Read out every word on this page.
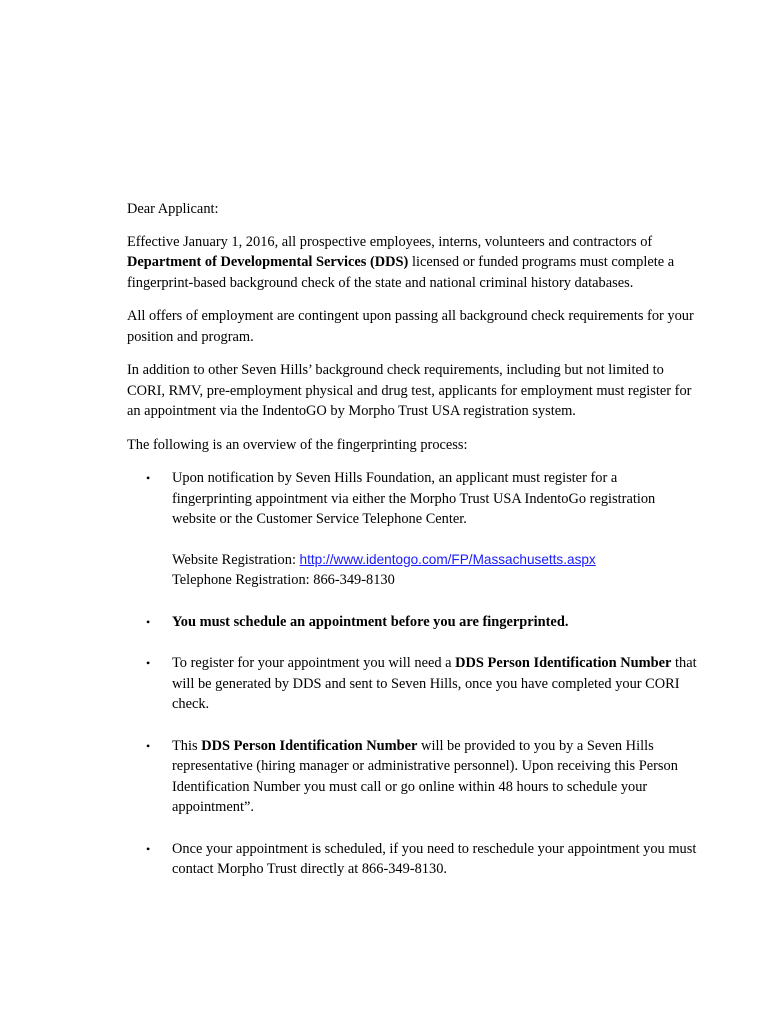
Dear Applicant:

Effective January 1, 2016, all prospective employees, interns, volunteers and contractors of Department of Developmental Services (DDS) licensed or funded programs must complete a fingerprint-based background check of the state and national criminal history databases.

All offers of employment are contingent upon passing all background check requirements for your position and program.

In addition to other Seven Hills’ background check requirements, including but not limited to CORI, RMV, pre-employment physical and drug test, applicants for employment must register for an appointment via the IndentoGO by Morpho Trust USA registration system.

The following is an overview of the fingerprinting process:

• Upon notification by Seven Hills Foundation, an applicant must register for a fingerprinting appointment via either the Morpho Trust USA IndentoGo registration website or the Customer Service Telephone Center.
Website Registration: http://www.identogo.com/FP/Massachusetts.aspx
Telephone Registration: 866-349-8130
• You must schedule an appointment before you are fingerprinted.
• To register for your appointment you will need a DDS Person Identification Number that will be generated by DDS and sent to Seven Hills, once you have completed your CORI check.
• This DDS Person Identification Number will be provided to you by a Seven Hills representative (hiring manager or administrative personnel). Upon receiving this Person Identification Number you must call or go online within 48 hours to schedule your appointment”.
• Once your appointment is scheduled, if you need to reschedule your appointment you must contact Morpho Trust directly at 866-349-8130.
